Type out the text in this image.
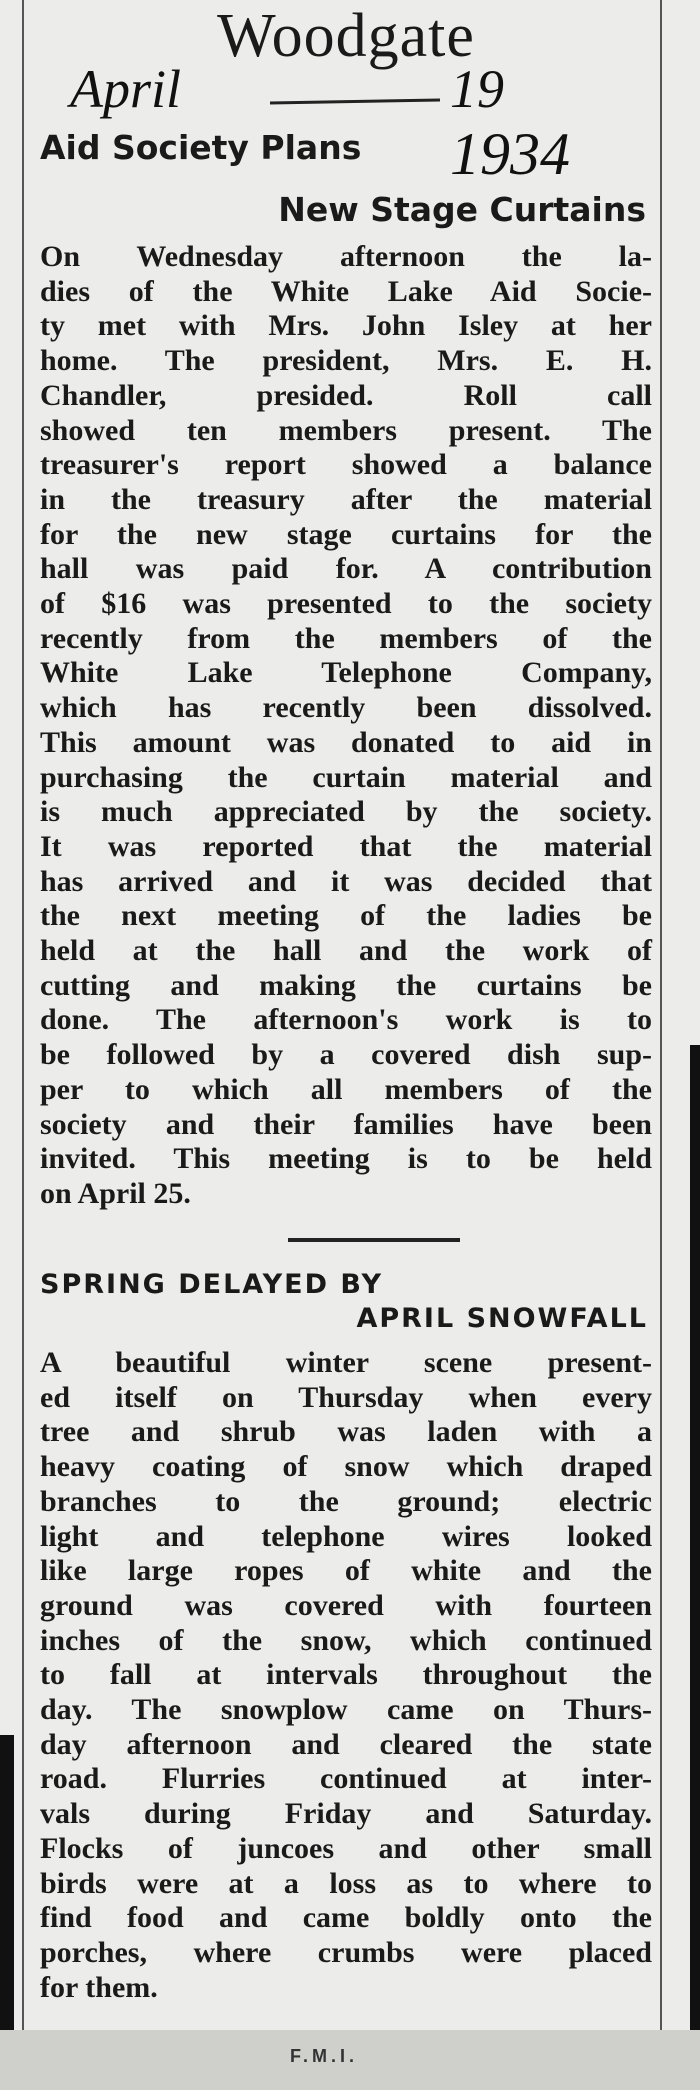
Woodgate
April	19
1934
Aid Society Plans
New Stage Curtains
On Wednesday afternoon the la-
dies of the White Lake Aid Socie-
ty met with Mrs. John Isley at her
home. The president, Mrs. E. H.
Chandler, presided. Roll call
showed ten members present. The
treasurer's report showed a balance
in the treasury after the material
for the new stage curtains for the
hall was paid for. A contribution
of $16 was presented to the society
recently from the members of the
White Lake Telephone Company,
which has recently been dissolved.
This amount was donated to aid in
purchasing the curtain material and
is much appreciated by the society.
It was reported that the material
has arrived and it was decided that
the next meeting of the ladies be
held at the hall and the work of
cutting and making the curtains be
done. The afternoon's work is to
be followed by a covered dish sup-
per to which all members of the
society and their families have been
invited. This meeting is to be held
on April 25.
SPRING DELAYED BY
APRIL SNOWFALL
A beautiful winter scene present-
ed itself on Thursday when every
tree and shrub was laden with a
heavy coating of snow which draped
branches to the ground; electric
light and telephone wires looked
like large ropes of white and the
ground was covered with fourteen
inches of the snow, which continued
to fall at intervals throughout the
day. The snowplow came on Thurs-
day afternoon and cleared the state
road. Flurries continued at inter-
vals during Friday and Saturday.
Flocks of juncoes and other small
birds were at a loss as to where to
find food and came boldly onto the
porches, where crumbs were placed
for them.
F.M.I.
